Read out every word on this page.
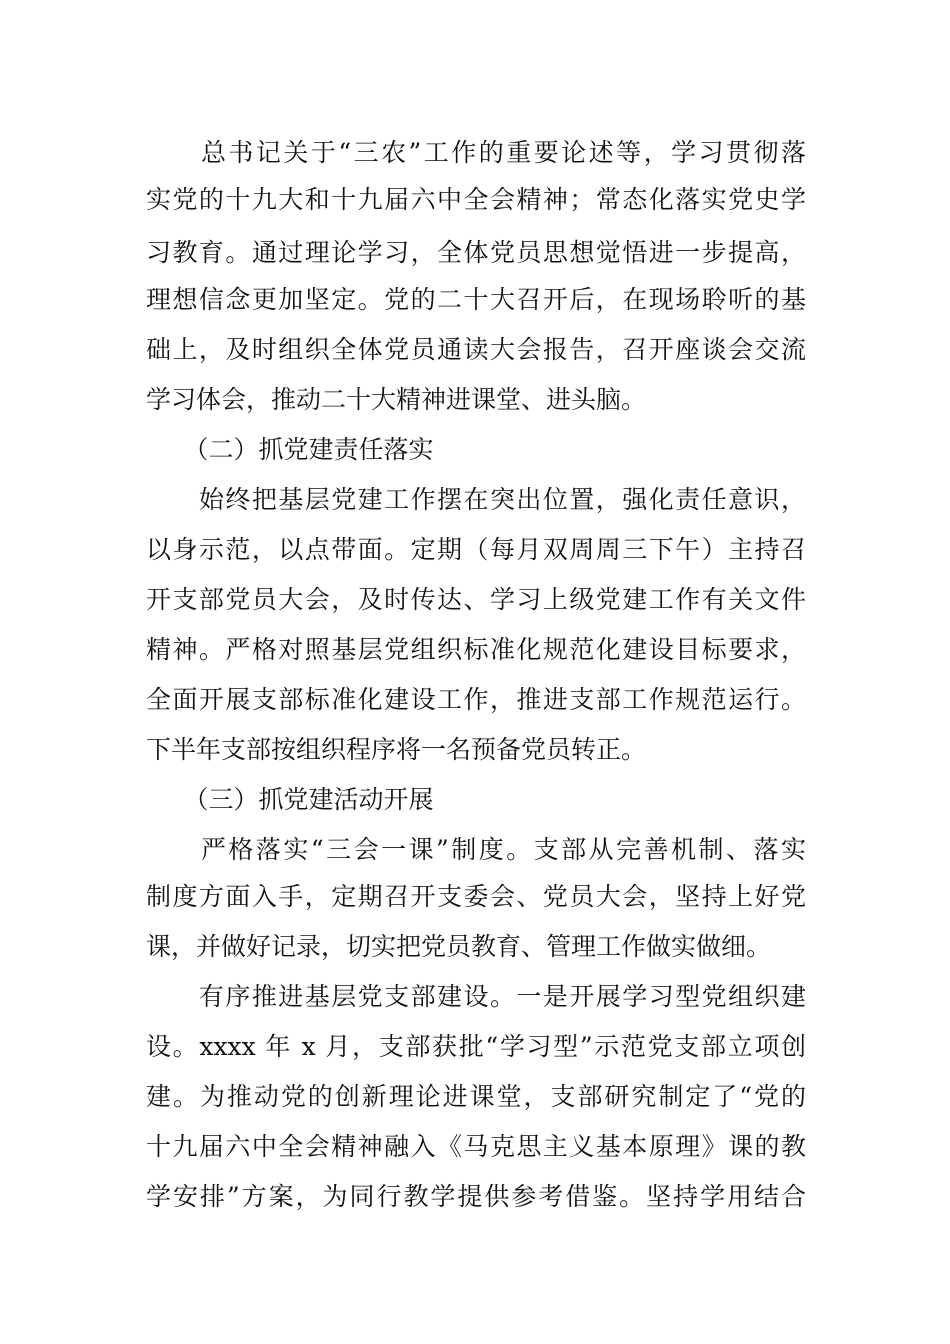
　　总书记关于“三农”工作的重要论述等，学习贯彻落

实党的十九大和十九届六中全会精神；常态化落实党史学

习教育。通过理论学习，全体党员思想觉悟进一步提高，

理想信念更加坚定。党的二十大召开后，在现场聆听的基

础上，及时组织全体党员通读大会报告，召开座谈会交流

学习体会，推动二十大精神进课堂、进头脑。

　　（二）抓党建责任落实

　　始终把基层党建工作摆在突出位置，强化责任意识，

以身示范，以点带面。定期（每月双周周三下午）主持召

开支部党员大会，及时传达、学习上级党建工作有关文件

精神。严格对照基层党组织标准化规范化建设目标要求，

全面开展支部标准化建设工作，推进支部工作规范运行。

下半年支部按组织程序将一名预备党员转正。

　　（三）抓党建活动开展

　　严格落实“三会一课”制度。支部从完善机制、落实

制度方面入手，定期召开支委会、党员大会，坚持上好党

课，并做好记录，切实把党员教育、管理工作做实做细。

　　有序推进基层党支部建设。一是开展学习型党组织建

设。xxxx 年 x 月，支部获批“学习型”示范党支部立项创

建。为推动党的创新理论进课堂，支部研究制定了“党的

十九届六中全会精神融入《马克思主义基本原理》课的教

学安排”方案，为同行教学提供参考借鉴。坚持学用结合
